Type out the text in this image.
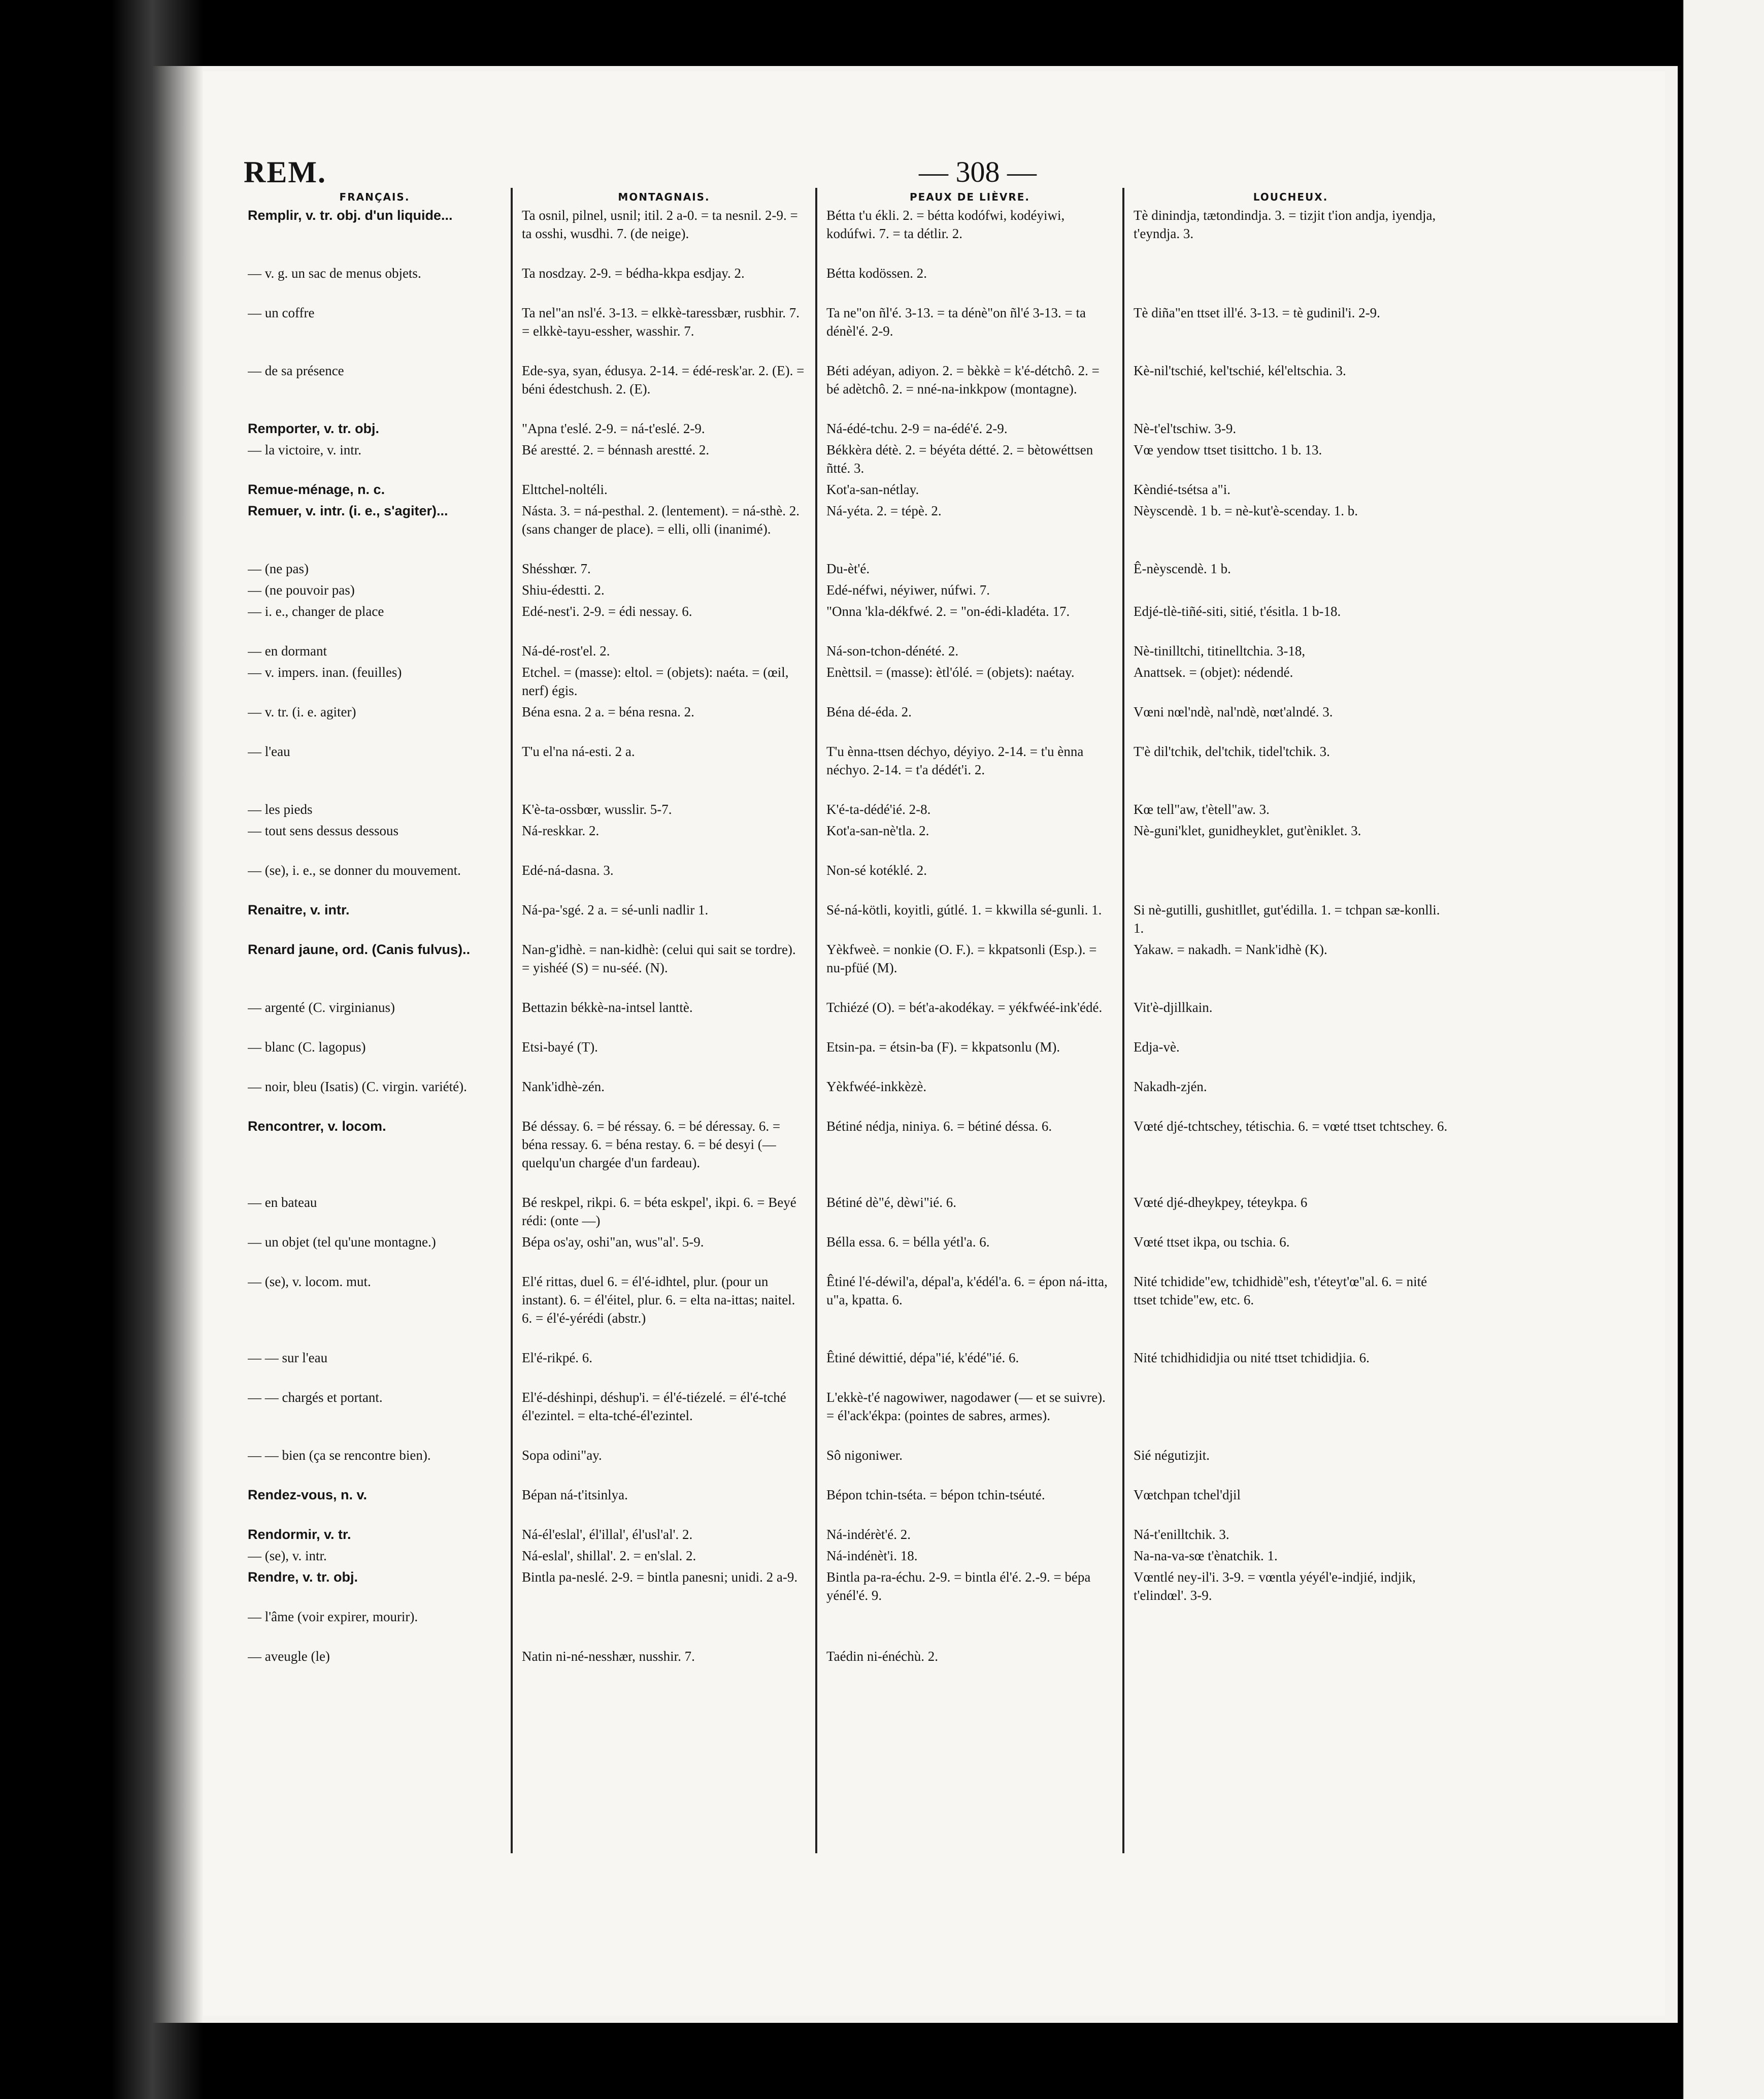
REM.	— 308 —
FRANÇAIS.
Remplir, v. tr. obj. d'un liquide...
— v. g. un sac de menus objets.
— un coffre
— de sa présence
Remporter, v. tr. obj.
— la victoire, v. intr.
Remue-ménage, n. c.
Remuer, v. intr. (i. e., s'agiter)...
— (ne pas)
— (ne pouvoir pas)
— i. e., changer de place
— en dormant
— v. impers. inan. (feuilles)
— v. tr. (i. e. agiter)
— l'eau
— les pieds
— tout sens dessus dessous
— (se), i. e., se donner du mouvement.
Renaitre, v. intr.
Renard jaune, ord. (Canis fulvus)..
— argenté (C. virginianus)
— blanc (C. lagopus)
— noir, bleu (Isatis) (C. virgin. variété).
Rencontrer, v. locom.
— en bateau
— un objet (tel qu'une montagne.)
— (se), v. locom. mut.
— — sur l'eau
— — chargés et portant.
— — bien (ça se rencontre bien).
Rendez-vous, n. v.
Rendormir, v. tr.
— (se), v. intr.
Rendre, v. tr. obj.
— l'âme (voir expirer, mourir).
— aveugle (le)
MONTAGNAIS.
Ta osnil, pilnel, usnil; itil. 2 a-0. = ta nesnil. 2-9. = ta osshi, wusdhi. 7. (de neige).
Ta nosdzay. 2-9. = bédha-kkpa esdjay. 2.
Ta nel"an nsl'é. 3-13. = elkkè-taressbær, rusbhir. 7. = elkkè-tayu-essher, wasshir. 7.
Ede-sya, syan, édusya. 2-14. = édé-resk'ar. 2. (E). = béni édestchush. 2. (E).
"Apna t'eslé. 2-9. = ná-t'eslé. 2-9.
Bé arestté. 2. = bénnash arestté. 2.
Elttchel-noltéli.
Násta. 3. = ná-pesthal. 2. (lentement). = ná-sthè. 2. (sans changer de place). = elli, olli (inanimé).
Shésshœr. 7.
Shiu-édestti. 2.
Edé-nest'i. 2-9. = édi nessay. 6.
Ná-dé-rost'el. 2.
Etchel. = (masse): eltol. = (objets): naéta. = (œil, nerf) égis.
Béna esna. 2 a. = béna resna. 2.
T'u el'na ná-esti. 2 a.
K'è-ta-ossbœr, wusslir. 5-7.
Ná-reskkar. 2.
Edé-ná-dasna. 3.
Ná-pa-'sgé. 2 a. = sé-unli nadlir 1.
Nan-g'idhè. = nan-kidhè: (celui qui sait se tordre). = yishéé (S) = nu-séé. (N).
Bettazin békkè-na-intsel lanttè.
Etsi-bayé (T).
Nank'idhè-zén.
Bé déssay. 6. = bé réssay. 6. = bé déressay. 6. = béna ressay. 6. = béna restay. 6. = bé desyi (— quelqu'un chargée d'un fardeau).
Bé reskpel, rikpi. 6. = béta eskpel', ikpi. 6. = Beyé rédi: (onte —)
Bépa os'ay, oshi"an, wus"al'. 5-9.
El'é rittas, duel 6. = él'é-idhtel, plur. (pour un instant). 6. = él'éitel, plur. 6. = elta na-ittas; naitel. 6. = él'é-yérédi (abstr.)
El'é-rikpé. 6.
El'é-déshinpi, déshup'i. = él'é-tiézelé. = él'é-tché él'ezintel. = elta-tché-él'ezintel.
Sopa odini"ay.
Bépan ná-t'itsinlya.
Ná-él'eslal', él'illal', él'usl'al'. 2.
Ná-eslal', shillal'. 2. = en'slal. 2.
Bintla pa-neslé. 2-9. = bintla panesni; unidi. 2 a-9.
Natin ni-né-nesshær, nusshir. 7.
PEAUX DE LIÈVRE.
Bétta t'u ékli. 2. = bétta kodófwi, kodéyiwi, kodúfwi. 7. = ta détlir. 2.
Bétta kodössen. 2.
Ta ne"on ñl'é. 3-13. = ta dénè"on ñl'é 3-13. = ta dénèl'é. 2-9.
Béti adéyan, adiyon. 2. = bèkkè = k'é-détchô. 2. = bé adètchô. 2. = nné-na-inkkpow (montagne).
Ná-édé-tchu. 2-9 = na-édé'é. 2-9.
Békkèra détè. 2. = béyéta détté. 2. = bètowéttsen ñtté. 3.
Kot'a-san-nétlay.
Ná-yéta. 2. = tépè. 2.
Du-èt'é.
Edé-néfwi, néyiwer, núfwi. 7.
"Onna 'kla-dékfwé. 2. = "on-édi-kladéta. 17.
Ná-son-tchon-dénété. 2.
Enèttsil. = (masse): ètl'ólé. = (objets): naétay.
Béna dé-éda. 2.
T'u ènna-ttsen déchyo, déyiyo. 2-14. = t'u ènna néchyo. 2-14. = t'a dédét'i. 2.
K'é-ta-dédé'ié. 2-8.
Kot'a-san-nè'tla. 2.
Non-sé kotéklé. 2.
Sé-ná-kötli, koyitli, gútlé. 1. = kkwilla sé-gunli. 1.
Yèkfweè. = nonkie (O. F.). = kkpatsonli (Esp.). = nu-pfüé (M).
Tchiézé (O). = bét'a-akodékay. = yékfwéé-ink'édé.
Etsin-pa. = étsin-ba (F). = kkpatsonlu (M).
Yèkfwéé-inkkèzè.
Bétiné nédja, niniya. 6. = bétiné déssa. 6.
Bétiné dè"é, dèwi"ié. 6.
Bélla essa. 6. = bélla yétl'a. 6.
Êtiné l'é-déwil'a, dépal'a, k'édél'a. 6. = épon ná-itta, u"a, kpatta. 6.
Êtiné déwittié, dépa"ié, k'édé"ié. 6.
L'ekkè-t'é nagowiwer, nagodawer (— et se suivre). = él'ack'ékpa: (pointes de sabres, armes).
Sô nigoniwer.
Bépon tchin-tséta. = bépon tchin-tséuté.
Ná-indérèt'é. 2.
Ná-indénèt'i. 18.
Bintla pa-ra-échu. 2-9. = bintla él'é. 2.-9. = bépa yénél'é. 9.
Taédin ni-énéchù. 2.
LOUCHEUX.
Tè dinindja, tætondindja. 3. = tizjit t'ion andja, iyendja, t'eyndja. 3.
Tè diña"en ttset ill'é. 3-13. = tè gudinil'i. 2-9.
Kè-nil'tschié, kel'tschié, kél'eltschia. 3.
Nè-t'el'tschiw. 3-9.
Vœ yendow ttset tisittcho. 1 b. 13.
Kèndié-tsétsa a"i.
Nèyscendè. 1 b. = nè-kut'è-scenday. 1. b.
Ê-nèyscendè. 1 b.
Edjé-tlè-tiñé-siti, sitié, t'ésitla. 1 b-18.
Nè-tinilltchi, titinelltchia. 3-18,
Anattsek. = (objet): nédendé.
Vœni nœl'ndè, nal'ndè, nœt'alndé. 3.
T'è dil'tchik, del'tchik, tidel'tchik. 3.
Kœ tell"aw, t'ètell"aw. 3.
Nè-guni'klet, gunidheyklet, gut'èniklet. 3.
Si nè-gutilli, gushitllet, gut'édilla. 1. = tchpan sæ-konlli. 1.
Yakaw. = nakadh. = Nank'idhè (K).
Vit'è-djillkain.
Edja-vè.
Nakadh-zjén.
Vœté djé-tchtschey, tétischia. 6. = vœté ttset tchtschey. 6.
Vœté djé-dheykpey, téteykpa. 6
Vœté ttset ikpa, ou tschia. 6.
Nité tchidide"ew, tchidhidè"esh, t'éteyt'œ"al. 6. = nité ttset tchide"ew, etc. 6.
Nité tchidhididjia ou nité ttset tchididjia. 6.
Sié négutizjit.
Vœtchpan tchel'djil
Ná-t'enilltchik. 3.
Na-na-va-sœ t'ènatchik. 1.
Vœntlé ney-il'i. 3-9. = vœntla yéyél'e-indjié, indjik, t'elindœl'. 3-9.
